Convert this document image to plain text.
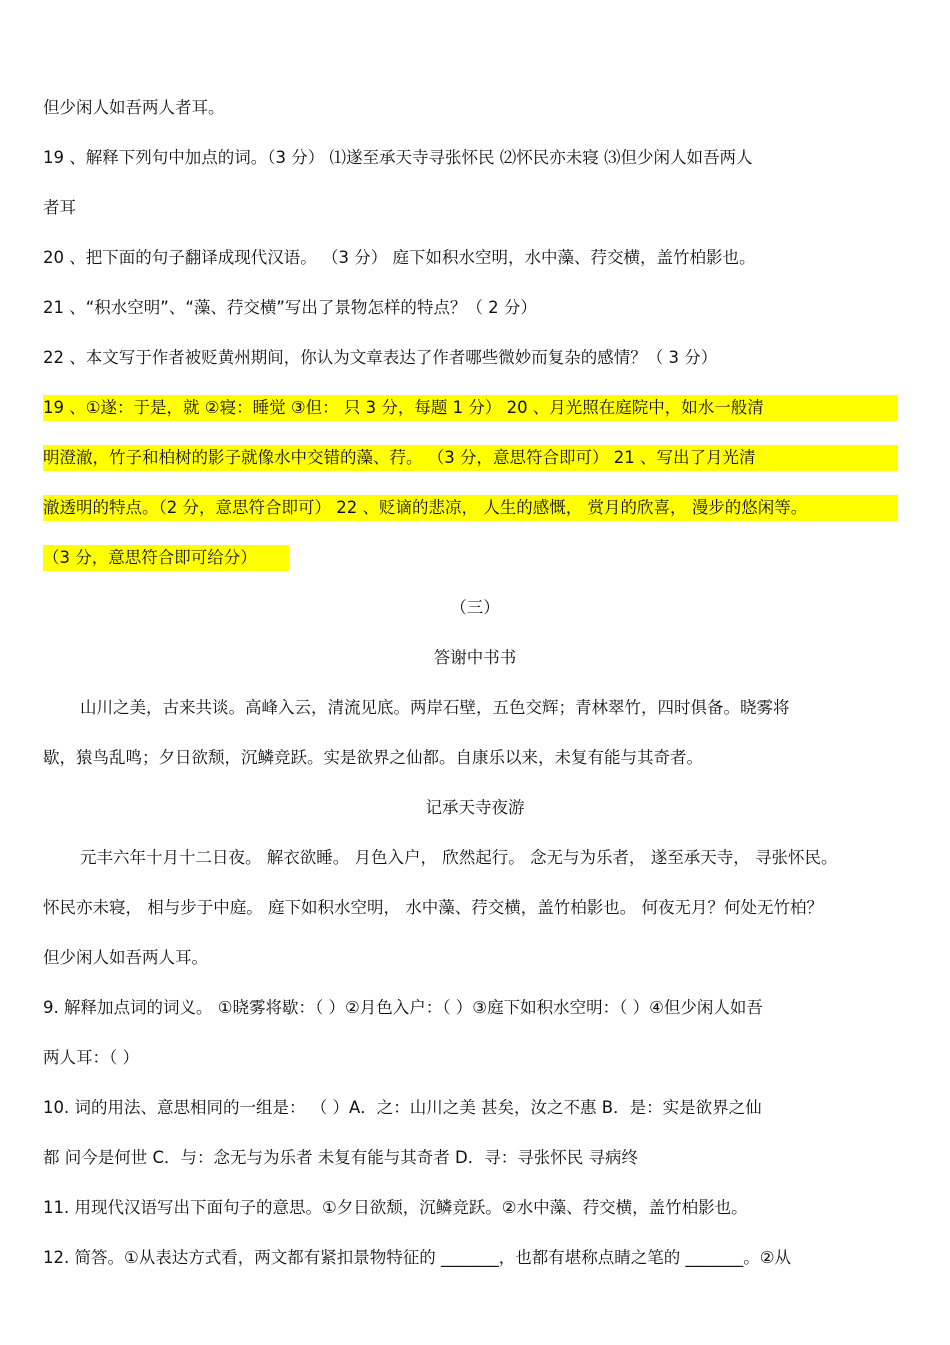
但少闲人如吾两人者耳。
19 、解释下列句中加点的词。（3 分） ⑴遂至承天寺寻张怀民 ⑵怀民亦未寝 ⑶但少闲人如吾两人
者耳
20 、把下面的句子翻译成现代汉语。 （3 分） 庭下如积水空明，水中藻、荇交横，盖竹柏影也。
21 、“积水空明”、“藻、荇交横”写出了景物怎样的特点？（ 2 分）
22 、本文写于作者被贬黄州期间，你认为文章表达了作者哪些微妙而复杂的感情？（ 3 分）
19 、①遂：于是，就 ②寝：睡觉 ③但： 只 3 分，每题 1 分） 20 、月光照在庭院中，如水一般清
明澄澈，竹子和柏树的影子就像水中交错的藻、荇。 （3 分，意思符合即可） 21 、写出了月光清
澈透明的特点。（2 分，意思符合即可） 22 、贬谪的悲凉， 人生的感慨， 赏月的欣喜， 漫步的悠闲等。
（3 分，意思符合即可给分）
（三）
答谢中书书
山川之美，古来共谈。高峰入云，清流见底。两岸石壁，五色交辉；青林翠竹，四时俱备。晓雾将
歇，猿鸟乱鸣；夕日欲颓，沉鳞竞跃。实是欲界之仙都。自康乐以来，未复有能与其奇者。
记承天寺夜游
元丰六年十月十二日夜。 解衣欲睡。 月色入户， 欣然起行。 念无与为乐者， 遂至承天寺， 寻张怀民。
怀民亦未寝， 相与步于中庭。 庭下如积水空明， 水中藻、荇交横，盖竹柏影也。 何夜无月？何处无竹柏？
但少闲人如吾两人耳。
9. 解释加点词的词义。 ①晓雾将歇：（ ）②月色入户：（ ）③庭下如积水空明：（ ）④但少闲人如吾
两人耳：（ ）
10. 词的用法、意思相同的一组是： （ ）A．之：山川之美 甚矣，汝之不惠 B．是：实是欲界之仙
都 问今是何世 C．与：念无与为乐者 未复有能与其奇者 D．寻：寻张怀民 寻病终
11. 用现代汉语写出下面句子的意思。①夕日欲颓，沉鳞竞跃。②水中藻、荇交横，盖竹柏影也。
12. 简答。①从表达方式看，两文都有紧扣景物特征的 _______，也都有堪称点睛之笔的 _______。②从
